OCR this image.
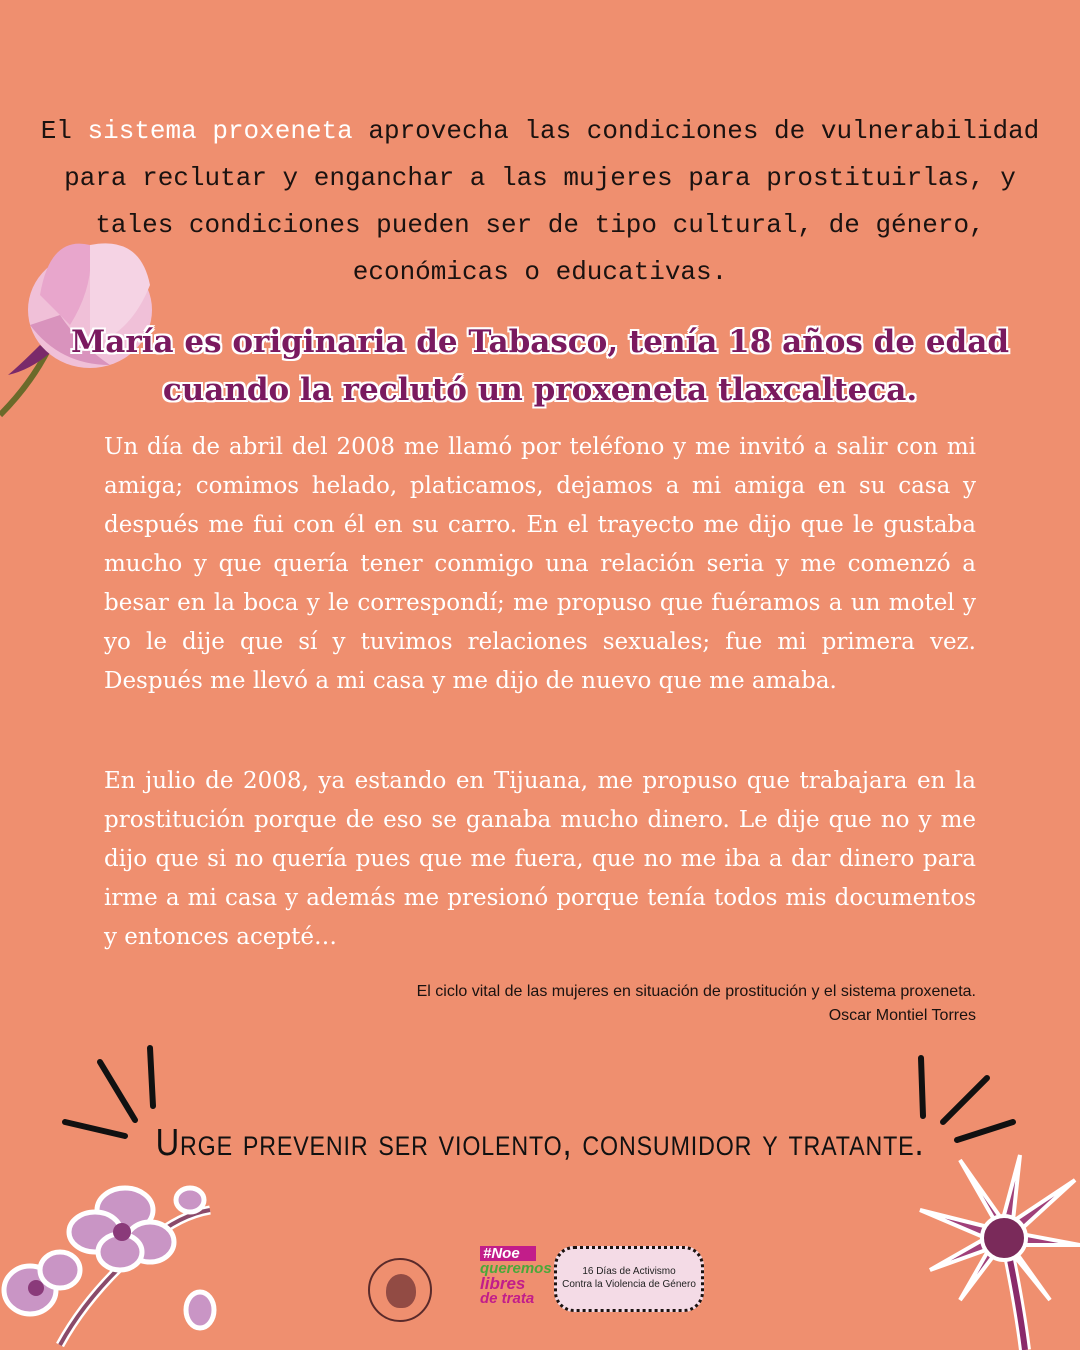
El sistema proxeneta aprovecha las condiciones de vulnerabilidad para reclutar y enganchar a las mujeres para prostituirlas, y tales condiciones pueden ser de tipo cultural, de género, económicas o educativas.

María es originaria de Tabasco, tenía 18 años de edad
cuando la reclutó un proxeneta tlaxcalteca.

Un día de abril del 2008 me llamó por teléfono y me invitó a salir con mi amiga; comimos helado, platicamos, dejamos a mi amiga en su casa y después me fui con él en su carro. En el trayecto me dijo que le gustaba mucho y que quería tener conmigo una relación seria y me comenzó a besar en la boca y le correspondí; me propuso que fuéramos a un motel y yo le dije que sí y tuvimos relaciones sexuales; fue mi primera vez. Después me llevó a mi casa y me dijo de nuevo que me amaba.

En julio de 2008, ya estando en Tijuana, me propuso que trabajara en la prostitución porque de eso se ganaba mucho dinero. Le dije que no y me dijo que si no quería pues que me fuera, que no me iba a dar dinero para irme a mi casa y además me presionó porque tenía todos mis documentos y entonces acepté…

El ciclo vital de las mujeres en situación de prostitución y el sistema proxeneta.
Oscar Montiel Torres
Urge prevenir ser violento, consumidor y tratante.
#Noe
queremos
libres
de trata
16 Días de Activismo
Contra la Violencia de Género
